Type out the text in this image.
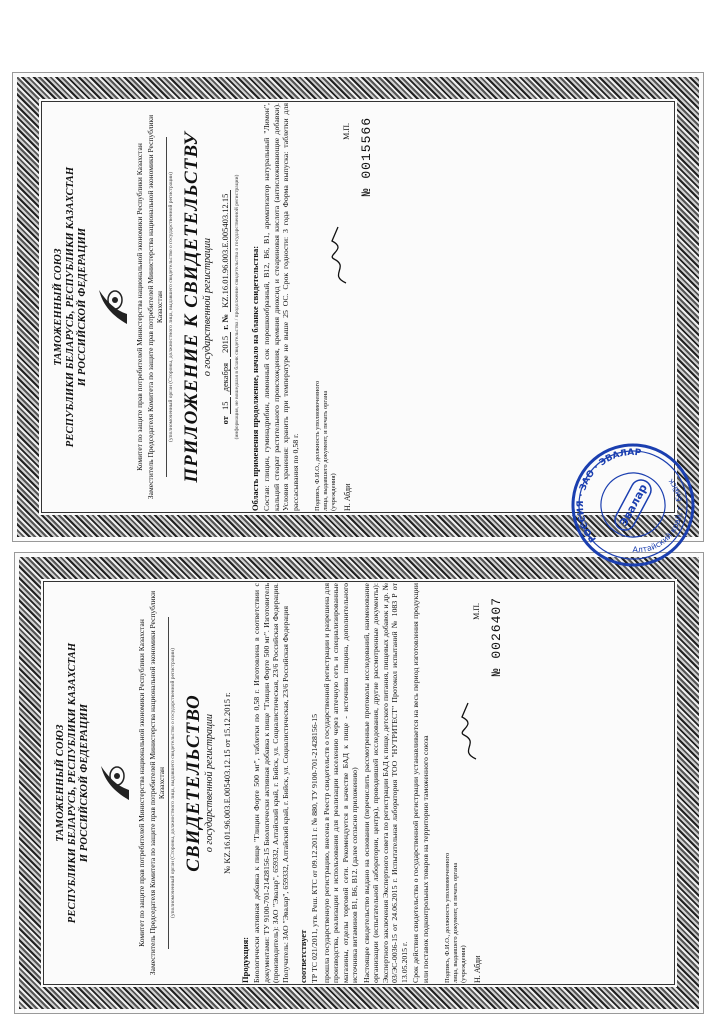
ТАМОЖЕННЫЙ СОЮЗ
РЕСПУБЛИКИ БЕЛАРУСЬ, РЕСПУБЛИКИ КАЗАХСТАН
И РОССИЙСКОЙ ФЕДЕРАЦИИ	Комитет по защите прав потребителей Министерства национальной экономики Республики Казахстан Заместитель Председателя Комитета по защите прав потребителей Министерства национальной экономики Республики Казахстан (уполномоченный орган (Стороны, должностного лица, выдавшего свидетельство о государственной регистрации) ПРИЛОЖЕНИЕ К СВИДЕТЕЛЬСТВУ о государственной регистрации
от 15 декабря 2015 г. № KZ.16.01.96.003.E.005403.12.15 (информация, не вошедшая в бланк свидетельства / продолжение свидетельства о государственной регистрации) Область применения продолжение, начало на бланке свидетельства: Состав: глицин, гуминадрибин, лимонный сок порошкообразный, В12, В6, В1, ароматизатор натуральный "Лимон", кальций стеарат растительного происхождения, кремния диоксид и стеариновая кислота (антислеживающие добавки). Условия хранения: хранить при температуре не выше 25 ОС. Срок годности: 3 года Форма выпуска: таблетки для рассасывания по 0,58 г. Подпись, Ф.И.О., должность уполномоченного лица, выдавшего документ, и печать органа (учреждения) Н. Абди
М.П. № 0015566
ТАМОЖЕННЫЙ СОЮЗ
РЕСПУБЛИКИ БЕЛАРУСЬ, РЕСПУБЛИКИ КАЗАХСТАН
И РОССИЙСКОЙ ФЕДЕРАЦИИ	Комитет по защите прав потребителей Министерства национальной экономики Республики Казахстан Заместитель Председателя Комитета по защите прав потребителей Министерства национальной экономики Республики Казахстан (уполномоченный орган (Стороны, должностного лица, выдавшего свидетельство о государственной регистрации) СВИДЕТЕЛЬСТВО о государственной регистрации № KZ.16.01.96.003.E.005403.12.15 от 15.12.2015 г.
Продукция: Биологически активная добавка к пище "Глицин Форте 500 мг", таблетки по 0,58 г. Изготовлена в соответствии с документами: ТУ 9100-701-21428156-15 Биологически активная добавка к пище "Глицин Форте 500 мг". Изготовитель (производитель): ЗАО "Эвалар", 659332, Алтайский край, г. Бийск, ул. Социалистическая, 23/6 Российская Федерация. Получатель: ЗАО "Эвалар", 659332, Алтайский край, г. Бийск, ул. Социалистическая, 23/6 Российская Федерация соответствует ТР ТС 021/2011, утв. Реш. КТС от 09.12.2011 г. № 880, ТУ 9100-701-21428156-15 прошла государственную регистрацию, внесена в Реестр свидетельств о государственной регистрации и разрешена для производства, реализации и использования для реализации населению через аптечную сеть и специализированные магазины, отделы торговой сети. Рекомендуется в качестве БАД к пище - источника глицина, дополнительного источника витаминов В1, В6, В12. (далее согласно приложению) Настоящее свидетельство выдано на основании (перечислить рассмотренные протоколы исследований, наименование организации (испытательной лаборатории, центра), проводившей исследования, другие рассмотренные документы): Экспертного заключения Экспертного совета по регистрации БАД к пище, детского питания, пищевых добавок и др. № 03/ЭС-0036-15 от 24.06.2015 г. Испытательная лаборатория ТОО "НУТРИТЕСТ" Протокол испытаний № 1083 Р от 13.05.2015 г. Срок действия свидетельства о государственной регистрации устанавливается на весь период изготовления продукции или поставок подконтрольных товаров на территорию таможенного союза Подпись, Ф.И.О., должность уполномоченного лица, выдавшего документ, и печать органа (учреждения) Н. Абди
М.П. № 0026407
РОССИЯ · ЗАО · ЭВАЛАР
Алтайский край, г. Бийск
Эвалар
